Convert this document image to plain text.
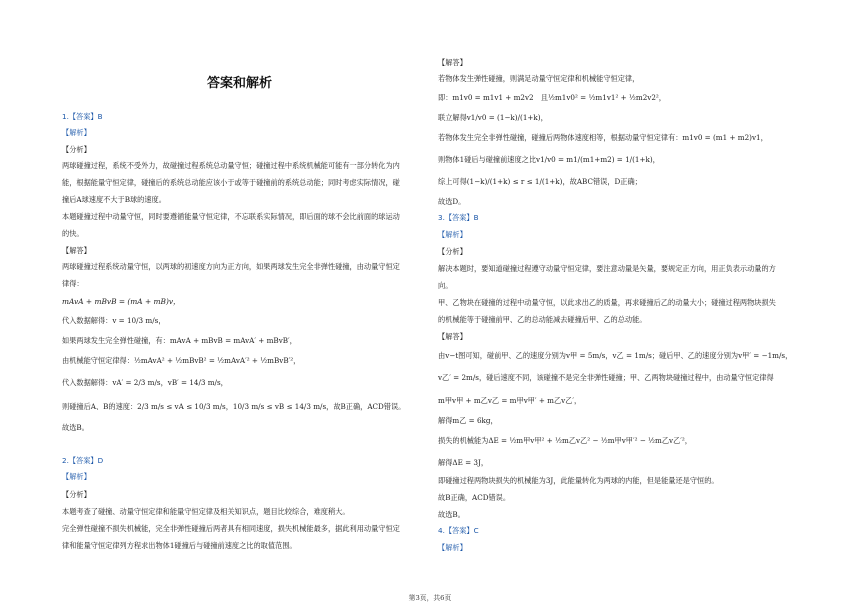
答案和解析
1.【答案】B
【解析】
【分析】
两球碰撞过程，系统不受外力，故碰撞过程系统总动量守恒；碰撞过程中系统机械能可能有一部分转化为内
能，根据能量守恒定律，碰撞后的系统总动能应该小于或等于碰撞前的系统总动能；同时考虑实际情况，碰
撞后A球速度不大于B球的速度。
本题碰撞过程中动量守恒，同时要遵循能量守恒定律，不忘联系实际情况，即后面的球不会比前面的球运动
的快。
【解答】
两球碰撞过程系统动量守恒，以两球的初速度方向为正方向，如果两球发生完全非弹性碰撞，由动量守恒定
律得：
mAvA + mBvB = (mA + mB)v，
代入数据解得：v = 10/3 m/s，
如果两球发生完全弹性碰撞，有：mAvA + mBvB = mAvA′ + mBvB′，
由机械能守恒定律得：½mAvA² + ½mBvB² = ½mAvA′² + ½mBvB′²，
代入数据解得：vA′ = 2/3 m/s，vB′ = 14/3 m/s，
则碰撞后A、B的速度：2/3 m/s ≤ vA ≤ 10/3 m/s，10/3 m/s ≤ vB ≤ 14/3 m/s，故B正确，ACD错误。
故选B。
2.【答案】D
【解析】
【分析】
本题考查了碰撞、动量守恒定律和能量守恒定律及相关知识点，题目比较综合，难度稍大。
完全弹性碰撞不损失机械能，完全非弹性碰撞后两者具有相同速度，损失机械能最多，据此利用动量守恒定
律和能量守恒定律列方程求出物体1碰撞后与碰撞前速度之比的取值范围。
【解答】
若物体发生弹性碰撞，则满足动量守恒定律和机械能守恒定律，
即：m1v0 = m1v1 + m2v2　且½m1v0² = ½m1v1² + ½m2v2²，
联立解得v1/v0 = (1−k)/(1+k)，
若物体发生完全非弹性碰撞，碰撞后两物体速度相等，根据动量守恒定律有：m1v0 = (m1 + m2)v1，
则物体1碰后与碰撞前速度之比v1/v0 = m1/(m1+m2) = 1/(1+k)，
综上可得(1−k)/(1+k) ≤ r ≤ 1/(1+k)，故ABC错误，D正确；
故选D。
3.【答案】B
【解析】
【分析】
解决本题时，要知道碰撞过程遵守动量守恒定律，要注意动量是矢量，要规定正方向，用正负表示动量的方
向。
甲、乙物块在碰撞的过程中动量守恒，以此求出乙的质量，再求碰撞后乙的动量大小；碰撞过程两物块损失
的机械能等于碰撞前甲、乙的总动能减去碰撞后甲、乙的总动能。
【解答】
由v−t图可知，碰前甲、乙的速度分别为v甲 = 5m/s，v乙 = 1m/s；碰后甲、乙的速度分别为v甲′ = −1m/s，
v乙′ = 2m/s，碰后速度不同，该碰撞不是完全非弹性碰撞；甲、乙两物块碰撞过程中，由动量守恒定律得
m甲v甲 + m乙v乙 = m甲v甲′ + m乙v乙′，
解得m乙 = 6kg，
损失的机械能为ΔE = ½m甲v甲² + ½m乙v乙² − ½m甲v甲′² − ½m乙v乙′²，
解得ΔE = 3J，
即碰撞过程两物块损失的机械能为3J，此能量转化为两球的内能，但是能量还是守恒的。
故B正确，ACD错误。
故选B。
4.【答案】C
【解析】
第3页，共6页
